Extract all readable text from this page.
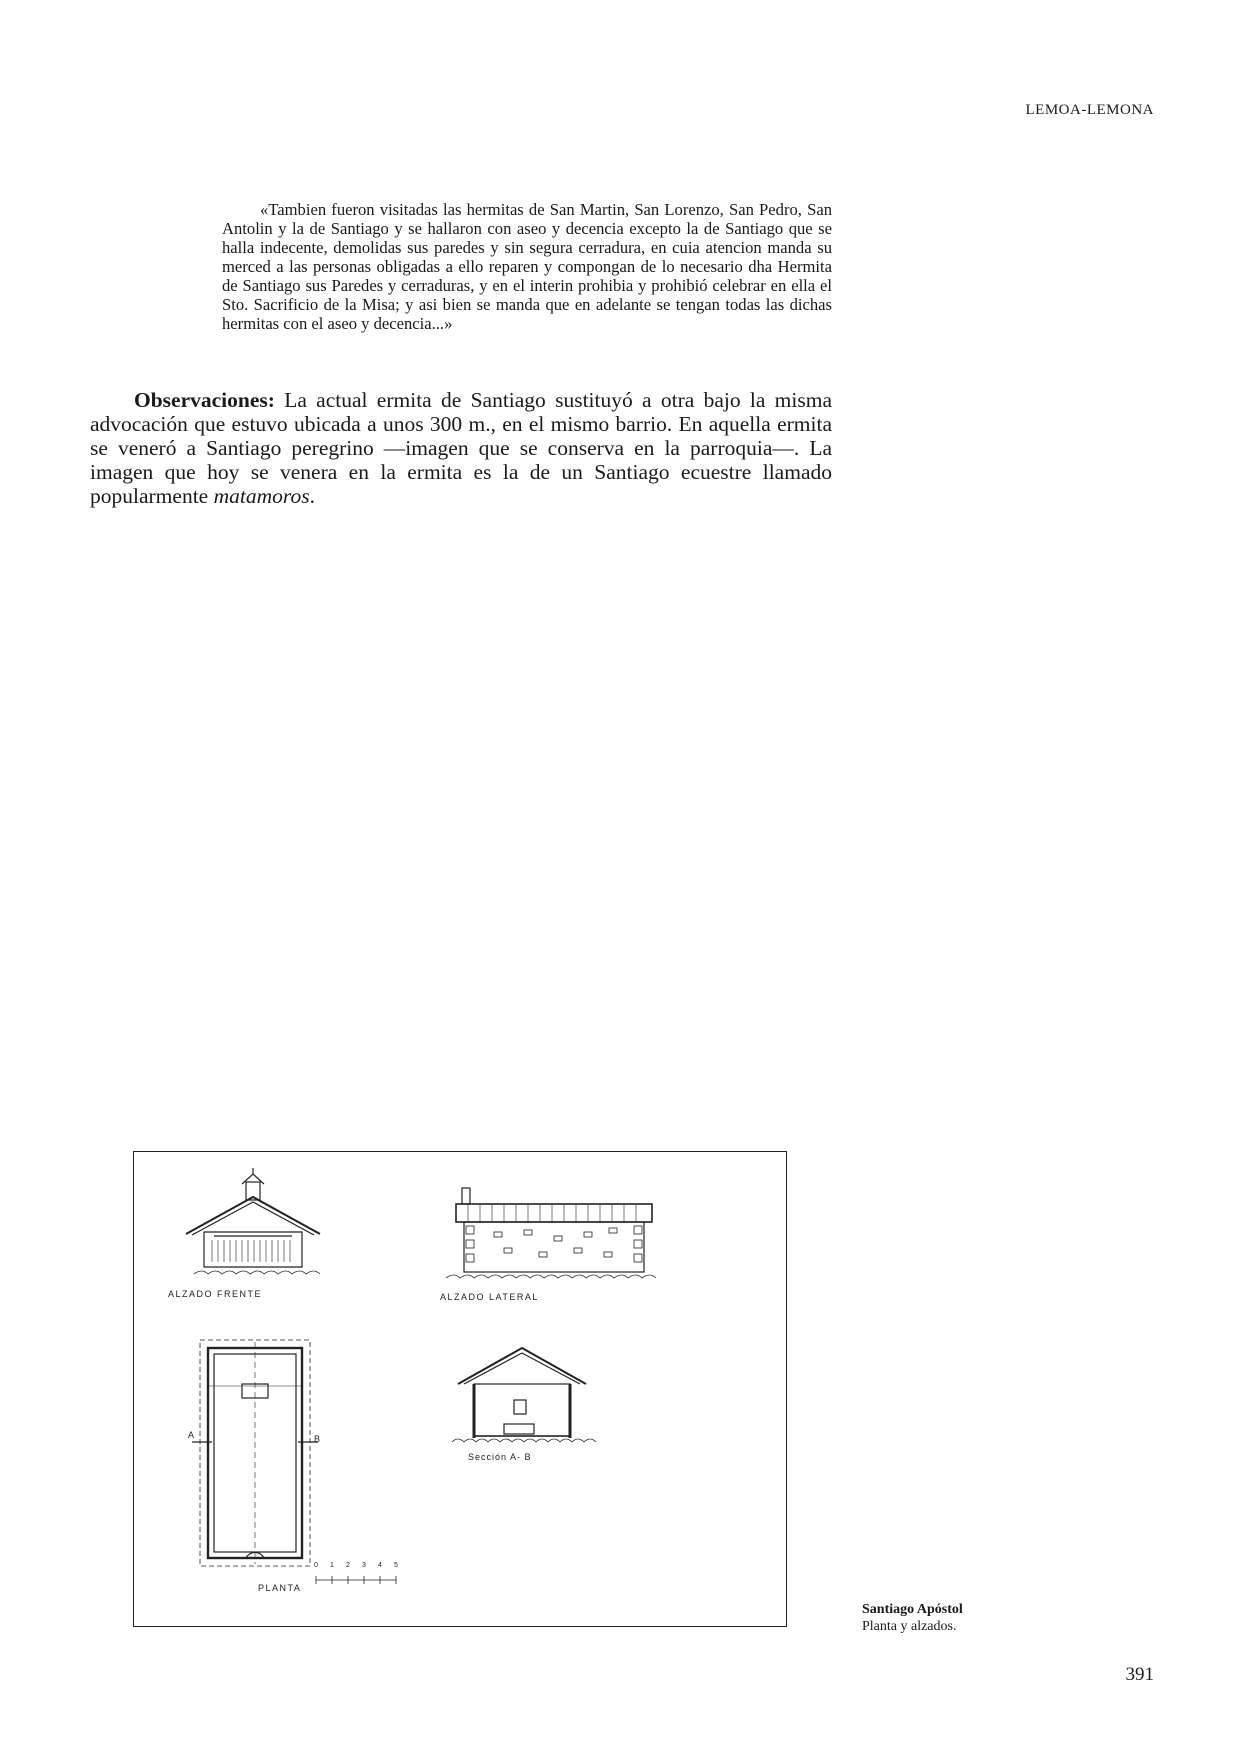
LEMOA-LEMONA

«Tambien fueron visitadas las hermitas de San Martin, San Lorenzo, San Pedro, San Antolin y la de Santiago y se hallaron con aseo y decencia excepto la de Santiago que se halla indecente, demolidas sus paredes y sin segura cerradura, en cuia atencion manda su merced a las personas obligadas a ello reparen y compongan de lo necesario dha Hermita de Santiago sus Paredes y cerraduras, y en el interin prohibia y prohibió celebrar en ella el Sto. Sacrificio de la Misa; y asi bien se manda que en adelante se tengan todas las dichas hermitas con el aseo y decencia...»

Observaciones: La actual ermita de Santiago sustituyó a otra bajo la misma advocación que estuvo ubicada a unos 300 m., en el mismo barrio. En aquella ermita se veneró a Santiago peregrino —imagen que se conserva en la parroquia—. La imagen que hoy se venera en la ermita es la de un Santiago ecuestre llamado popularmente matamoros.

ALZADO FRENTE	ALZADO LATERAL
PLANTA
Sección A- B
A	B
0 1 2 3 4 5
Santiago Apóstol
Planta y alzados.
391
